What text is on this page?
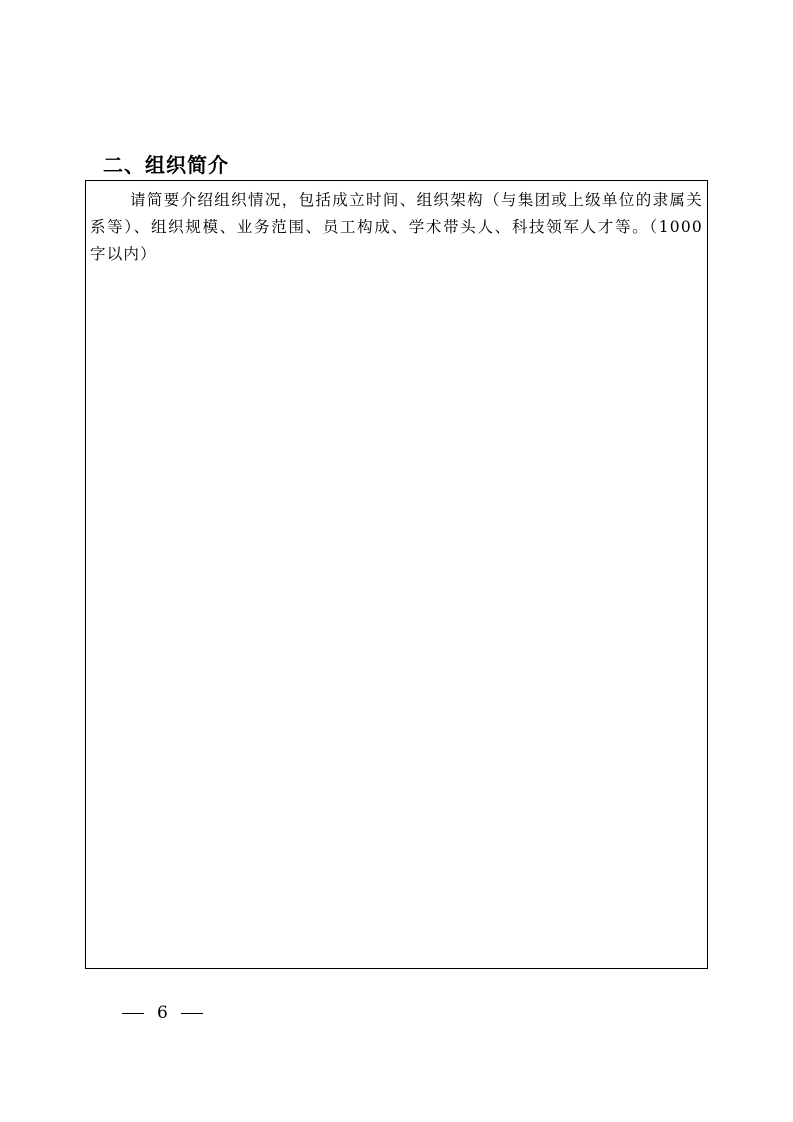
二、组织简介
请简要介绍组织情况，包括成立时间、组织架构（与集团或上级单位的隶属关系等）、组织规模、业务范围、员工构成、学术带头人、科技领军人才等。（1000字以内）
6
